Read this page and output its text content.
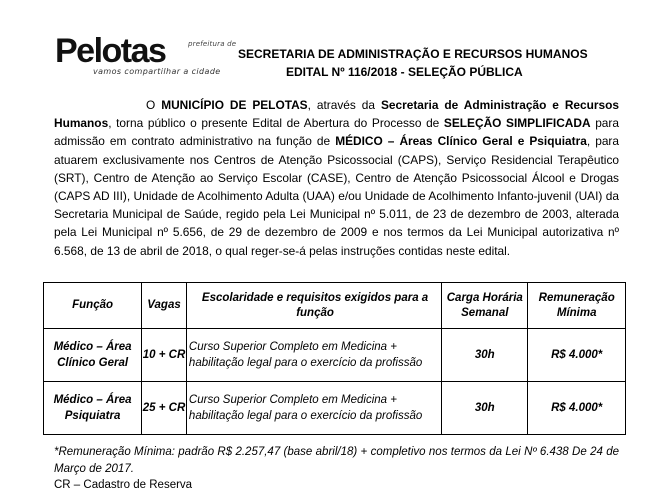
Pelotas	prefeitura de
vamos compartilhar a cidade
SECRETARIA DE ADMINISTRAÇÃO E RECURSOS HUMANOS
EDITAL Nº 116/2018 - SELEÇÃO PÚBLICA
O MUNICÍPIO DE PELOTAS, através da Secretaria de Administração e Recursos Humanos, torna público o presente Edital de Abertura do Processo de SELEÇÃO SIMPLIFICADA para admissão em contrato administrativo na função de MÉDICO – Áreas Clínico Geral e Psiquiatra, para atuarem exclusivamente nos Centros de Atenção Psicossocial (CAPS), Serviço Residencial Terapêutico (SRT), Centro de Atenção ao Serviço Escolar (CASE), Centro de Atenção Psicossocial Álcool e Drogas (CAPS AD III), Unidade de Acolhimento Adulta (UAA) e/ou Unidade de Acolhimento Infanto-juvenil (UAI) da Secretaria Municipal de Saúde, regido pela Lei Municipal nº 5.011, de 23 de dezembro de 2003, alterada pela Lei Municipal nº 5.656, de 29 de dezembro de 2009 e nos termos da Lei Municipal autorizativa nº 6.568, de 13 de abril de 2018, o qual reger-se-á pelas instruções contidas neste edital.
Função	Vagas	Escolaridade e requisitos exigidos para a função	Carga Horária Semanal	Remuneração Mínima
Médico – Área Clínico Geral	10 + CR	Curso Superior Completo em Medicina + habilitação legal para o exercício da profissão	30h	R$ 4.000*
Médico – Área Psiquiatra	25 + CR	Curso Superior Completo em Medicina + habilitação legal para o exercício da profissão	30h	R$ 4.000*
*Remuneração Mínima: padrão R$ 2.257,47 (base abril/18) + completivo nos termos da Lei Nº 6.438 De 24 de Março de 2017.
CR – Cadastro de Reserva
